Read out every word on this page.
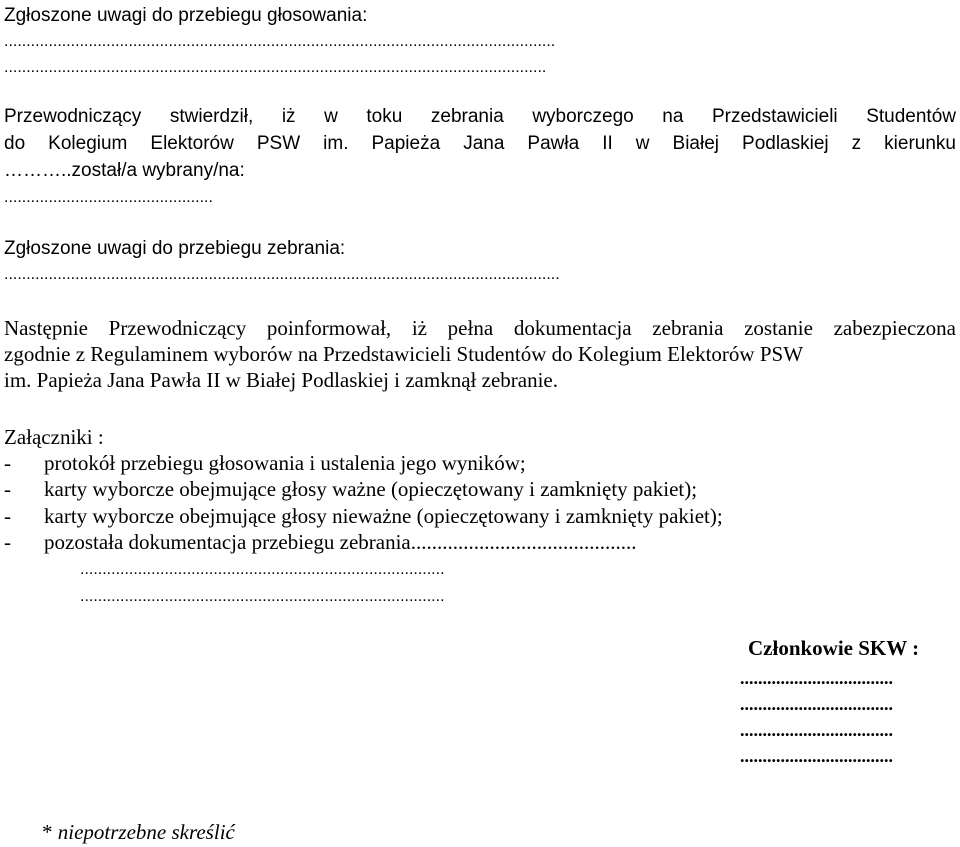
Zgłoszone uwagi do przebiegu głosowania:
............................................................................................................................
..........................................................................................................................
Przewodniczący stwierdził, iż w toku zebrania wyborczego na Przedstawicieli Studentów
do Kolegium Elektorów PSW im. Papieża Jana Pawła II w Białej Podlaskiej z kierunku
………..został/a wybrany/na:
...............................................
Zgłoszone uwagi do przebiegu zebrania:
.............................................................................................................................
Następnie Przewodniczący poinformował, iż pełna dokumentacja zebrania zostanie zabezpieczona
zgodnie z Regulaminem wyborów na Przedstawicieli Studentów do Kolegium Elektorów PSW
im. Papieża Jana Pawła II w Białej Podlaskiej i zamknął zebranie.
Załączniki :
- protokół przebiegu głosowania i ustalenia jego wyników;
- karty wyborcze obejmujące głosy ważne (opieczętowany i zamknięty pakiet);
- karty wyborcze obejmujące głosy nieważne (opieczętowany i zamknięty pakiet);
- pozostała dokumentacja przebiegu zebrania...........................................
..................................................................................
..................................................................................
Członkowie SKW :
..................................
..................................
..................................
..................................
* niepotrzebne skreślić
